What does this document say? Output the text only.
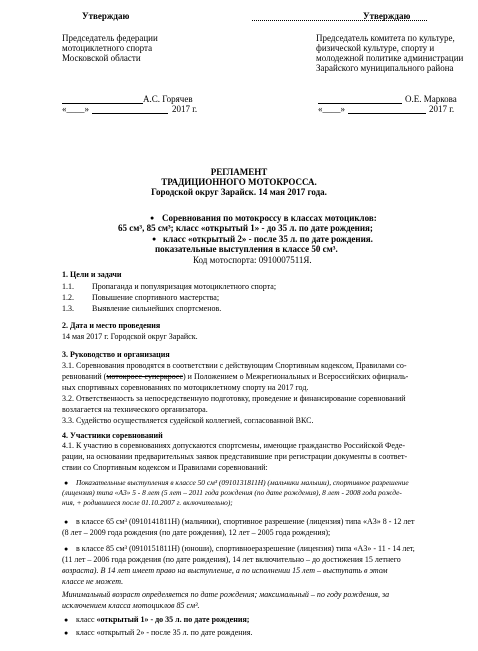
Утверждаю
Председатель федерации
мотоциклетного спорта
Московской области
А.С. Горячев
«____»	2017 г.
Утверждаю
Председатель комитета по культуре,
физической культуре, спорту и
молодежной политике администрации
Зарайского муниципального района
О.Е. Маркова
«____»	2017 г.
РЕГЛАМЕНТ
ТРАДИЦИОННОГО МОТОКРОССА.
Городской округ Зарайск. 14 мая 2017 года.
● Соревнования по мотокроссу в классах мотоциклов:
65 см³, 85 см³; класс «открытый 1» - до 35 л. по дате рождения;
● класс «открытый 2» - после 35 л. по дате рождения.
показательные выступления в классе 50 см³.
Код мотоспорта: 0910007511Я.
1. Цели и задачи
1.1. Пропаганда и популяризация мотоциклетного спорта;
1.2. Повышение спортивного мастерства;
1.3. Выявление сильнейших спортсменов.
2. Дата и место проведения
14 мая 2017 г. Городской округ Зарайск.
3. Руководство и организация
3.1. Соревнования проводятся в соответствии с действующим Спортивным кодексом, Правилами со-
ревнований (мотокросс-суперкросс) и Положением о Межрегиональных и Всероссийских официаль-
ных спортивных соревнованиях по мотоциклетному спорту на 2017 год.
3.2. Ответственность за непосредственную подготовку, проведение и финансирование соревнований
возлагается на технического организатора.
3.3. Судейство осуществляется судейской коллегией, согласованной ВКС.
4. Участники соревнований
4.1. К участию в соревнованиях допускаются спортсмены, имеющие гражданство Российской Феде-
рации, на основании предварительных заявок представившие при регистрации документы в соответ-
ствии со Спортивным кодексом и Правилами соревнований:
● Показательные выступления в классе 50 см³ (0910131811Н) (мальчики малыши), спортивное разрешение
(лицензия) типа «А3» 5 - 8 лет (5 лет – 2011 года рождения (по дате рождения), 8 лет - 2008 года рожде-
ния, + родившиеся после 01.10.2007 г. включительно);
● в классе 65 см³ (0910141811Н) (мальчики), спортивное разрешение (лицензия) типа «А3» 8 - 12 лет
(8 лет – 2009 года рождения (по дате рождения), 12 лет – 2005 года рождения);
● в классе 85 см³ (0910151811Н) (юноши), спортивноеразрешение (лицензия) типа «А3» - 11 - 14 лет,
(11 лет – 2006 года рождения (по дате рождения), 14 лет включительно – до достижения 15 летнего
возраста). В 14 лет имеет право на выступление, а по исполнении 15 лет – выступать в этом
классе не может.
Минимальный возраст определяется по дате рождения; максимальный – по году рождения, за
исключением класса мотоциклов 85 см³.
● класс «открытый 1» - до 35 л. по дате рождения;
● класс «открытый 2» - после 35 л. по дате рождения.
